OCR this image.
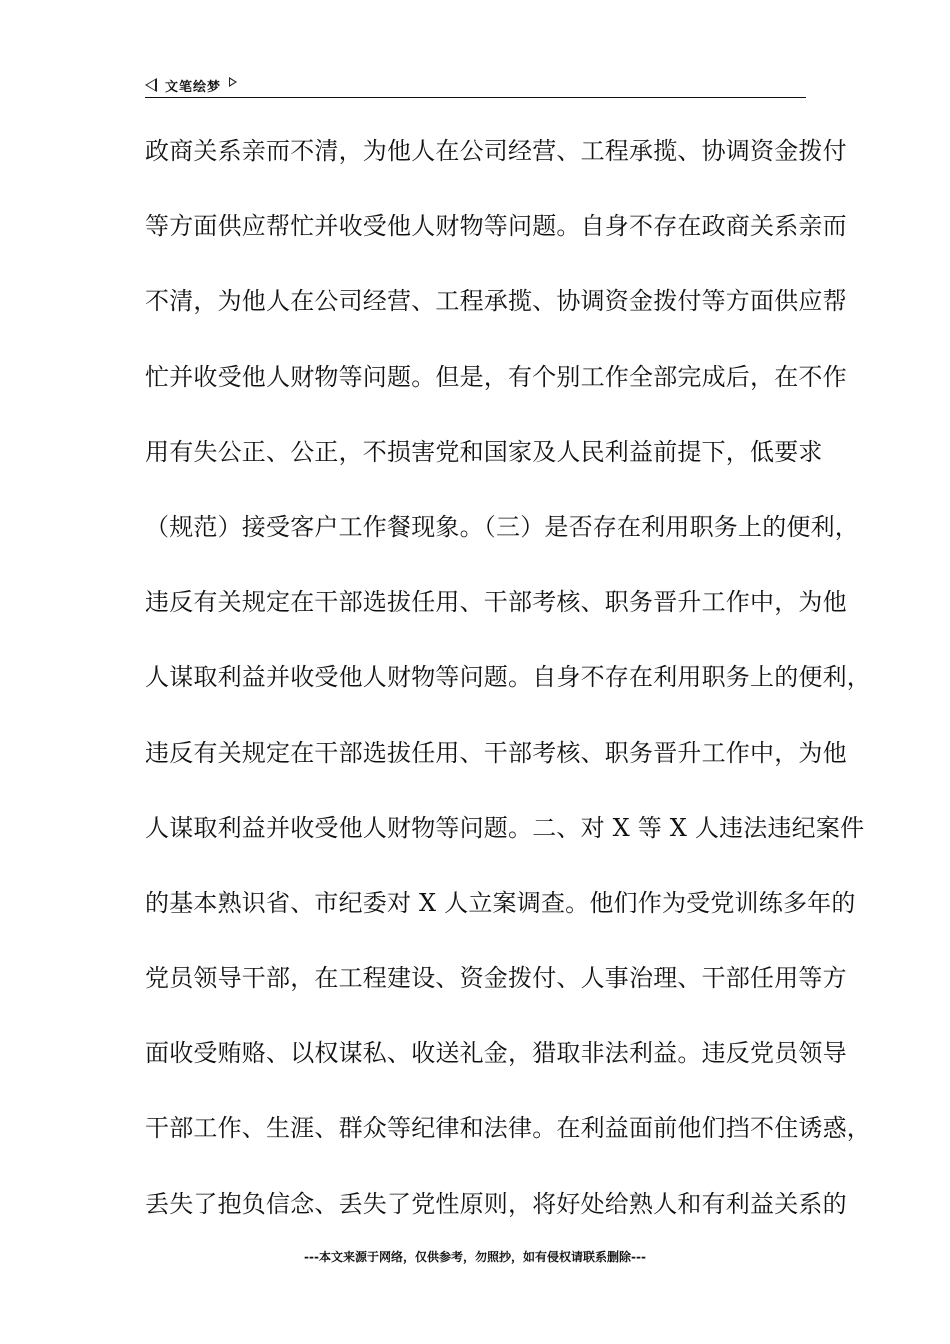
文笔绘梦
政商关系亲而不清，为他人在公司经营、工程承揽、协调资金拨付
等方面供应帮忙并收受他人财物等问题。自身不存在政商关系亲而
不清，为他人在公司经营、工程承揽、协调资金拨付等方面供应帮
忙并收受他人财物等问题。但是，有个别工作全部完成后，在不作
用有失公正、公正，不损害党和国家及人民利益前提下，低要求
（规范）接受客户工作餐现象。（三）是否存在利用职务上的便利，
违反有关规定在干部选拔任用、干部考核、职务晋升工作中，为他
人谋取利益并收受他人财物等问题。自身不存在利用职务上的便利，
违反有关规定在干部选拔任用、干部考核、职务晋升工作中，为他
人谋取利益并收受他人财物等问题。二、对 X 等 X 人违法违纪案件
的基本熟识省、市纪委对 X 人立案调查。他们作为受党训练多年的
党员领导干部，在工程建设、资金拨付、人事治理、干部任用等方
面收受贿赂、以权谋私、收送礼金，猎取非法利益。违反党员领导
干部工作、生涯、群众等纪律和法律。在利益面前他们挡不住诱惑，
丢失了抱负信念、丢失了党性原则，将好处给熟人和有利益关系的
---本文来源于网络，仅供参考，勿照抄，如有侵权请联系删除---
